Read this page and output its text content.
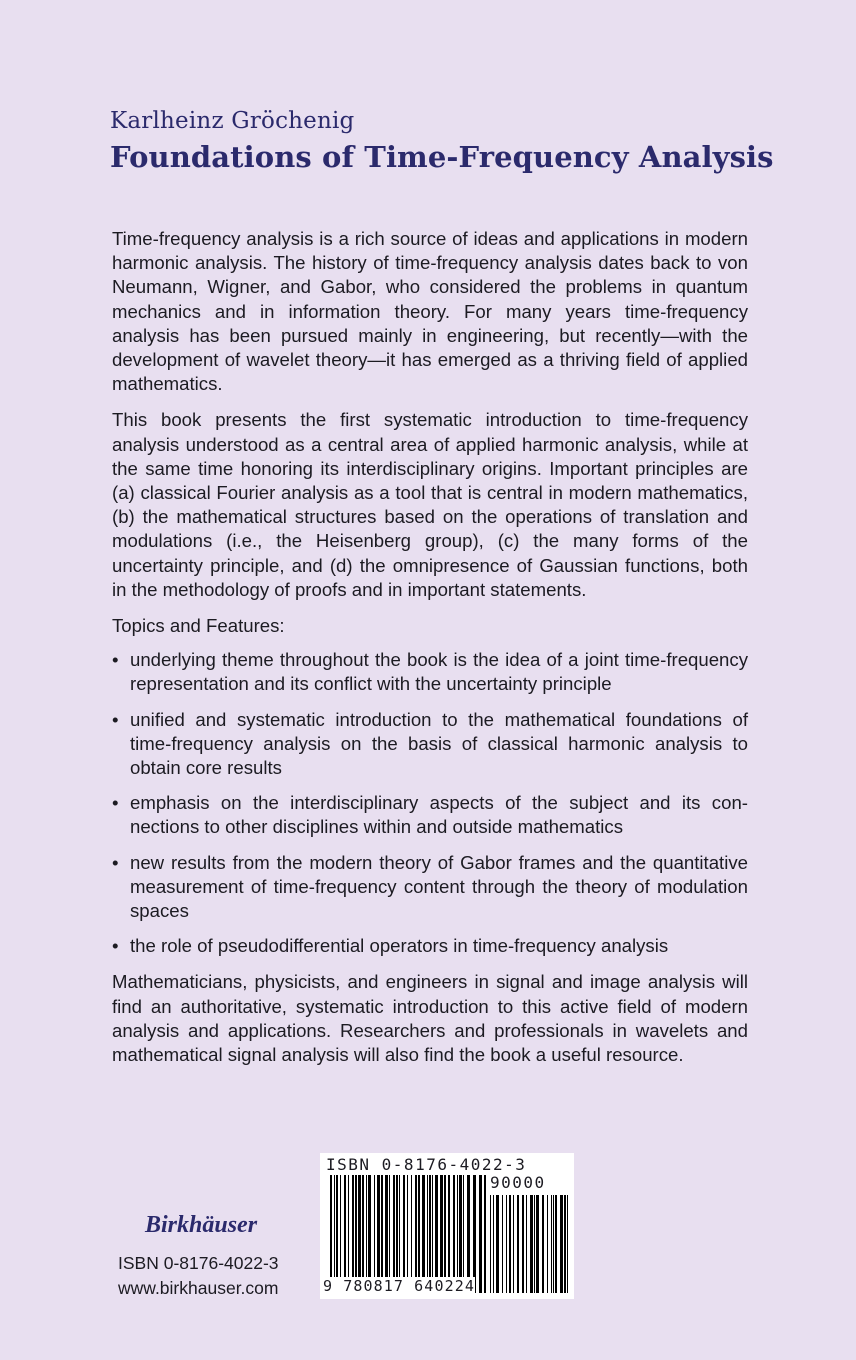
Karlheinz Gröchenig
Foundations of Time-Frequency Analysis

Time-frequency analysis is a rich source of ideas and applications in modern harmonic analysis. The history of time-frequency analysis dates back to von Neumann, Wigner, and Gabor, who considered the problems in quantum mechanics and in information theory. For many years time-frequency analysis has been pursued mainly in engineering, but recently—with the development of wavelet theory—it has emerged as a thriving field of applied mathematics.

This book presents the first systematic introduction to time-frequency analysis understood as a central area of applied harmonic analysis, while at the same time honoring its interdisciplinary origins. Important principles are (a) classical Fourier analysis as a tool that is central in modern mathematics, (b) the mathematical structures based on the operations of translation and modulations (i.e., the Heisenberg group), (c) the many forms of the uncertainty principle, and (d) the omnipresence of Gaussian functions, both in the methodology of proofs and in important statements.

Topics and Features:

• underlying theme throughout the book is the idea of a joint time-frequency representation and its conflict with the uncertainty principle
• unified and systematic introduction to the mathematical foundations of time-frequency analysis on the basis of classical harmonic analysis to obtain core results
• emphasis on the interdisciplinary aspects of the subject and its connections to other disciplines within and outside mathematics
• new results from the modern theory of Gabor frames and the quantitative measurement of time-frequency content through the theory of modulation spaces
• the role of pseudodifferential operators in time-frequency analysis

Mathematicians, physicists, and engineers in signal and image analysis will find an authoritative, systematic introduction to this active field of modern analysis and applications. Researchers and professionals in wavelets and mathematical signal analysis will also find the book a useful resource.

Birkhäuser
ISBN 0-8176-4022-3
www.birkhauser.com
ISBN 0-8176-4022-3
90000
9 780817 640224
